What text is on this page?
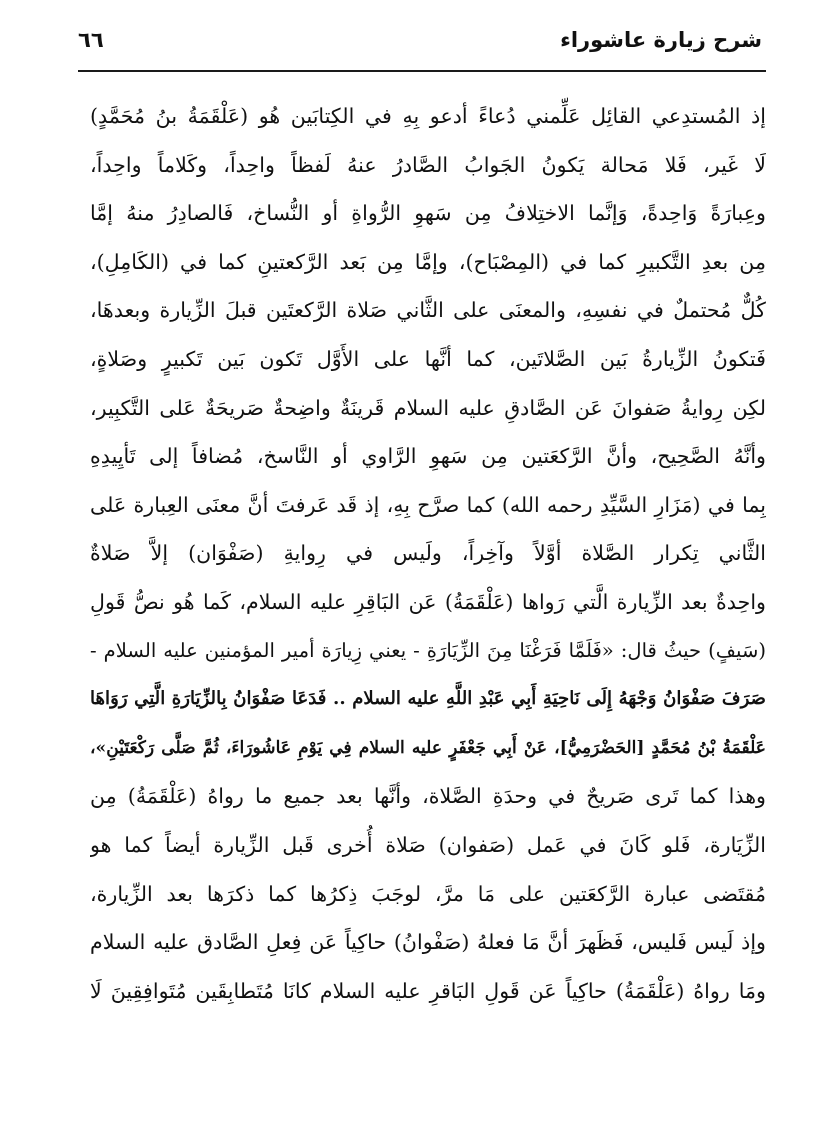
شرح زيارة عاشوراء
٦٦
إذ المُستدِعي القائِل عَلِّمني دُعاءً أدعو بِهِ في الكِتابَين هُو (عَلْقَمَةُ بنُ مُحَمَّدٍ)
لَا غَير، فَلا مَحالة يَكونُ الجَوابُ الصَّادرُ عنهُ لَفظاً واحِداً، وكَلاماً واحِداً،
وعِبارَةً وَاحِدةً، وَإنَّما الاختِلافُ مِن سَهوِ الرُّواةِ أو النُّساخ، فَالصادِرُ منهُ إمَّا
مِن بعدِ التَّكبيرِ كما في (المِصْبَاح)، وإمَّا مِن بَعد الرَّكعتينِ كما في (الكَامِلِ)،
كُلٌّ مُحتملٌ في نفسِهِ، والمعنَى على الثَّاني صَلاة الرَّكعتَين قبلَ الزِّيارة وبعدهَا،
فَتكونُ الزِّيارةُ بَين الصَّلاتَين، كما أنَّها على الأَوَّل تَكون بَين تَكبيرٍ وصَلاةٍ،
لكِن رِوايةُ صَفوانَ عَن الصَّادقِ عليه السلام قَرينَةٌ واضِحةٌ صَريحَةٌ عَلى التَّكبِير،
وأنَّهُ الصَّحِيح، وأنَّ الرَّكعَتين مِن سَهوِ الرَّاوي أو النَّاسخ، مُضافاً إلى تَأيِيدِهِ
بِما في (مَزَارِ السَّيِّدِ رحمه الله) كما صرَّح بِهِ، إذ قَد عَرفتَ أنَّ معنَى العِبارة عَلى
الثَّاني تِكرار الصَّلاة أوَّلاً وآخِراً، ولَيس في رِوايةِ (صَفْوَان) إلاَّ صَلاةٌ
واحِدةٌ بعد الزِّيارة الَّتي رَواها (عَلْقَمَةُ) عَن البَاقِرِ عليه السلام، كَما هُو نصُّ قَولِ
(سَيفٍ) حيثُ قال: «فَلَمَّا فَرَغْنَا مِنَ الزِّيَارَةِ - يعني زِيارَة أمير المؤمنين عليه السلام -
صَرَفَ صَفْوَانُ وَجْهَهُ إِلَى نَاحِيَةِ أَبِي عَبْدِ اللَّهِ عليه السلام .. فَدَعَا صَفْوَانُ بِالزِّيَارَةِ الَّتِي رَوَاهَا
عَلْقَمَةُ بْنُ مُحَمَّدٍ [الحَضْرَمِيُّ]، عَنْ أَبِي جَعْفَرٍ عليه السلام فِي يَوْمِ عَاشُورَاءَ، ثُمَّ صَلَّى رَكْعَتَيْنِ»،
وهذا كما تَرى صَريحٌ في وحدَةِ الصَّلاة، وأنَّها بعد جميع ما رواهُ (عَلْقَمَةُ) مِن
الزِّيَارة، فَلو كَانَ في عَمل (صَفوان) صَلاة أُخرى قَبل الزِّيارة أيضاً كما هو
مُقتَضى عبارة الرَّكعَتين على مَا مرَّ، لوجَبَ ذِكرُها كما ذكرَها بعد الزِّيارة،
وإذ لَيس فَليس، فَظَهرَ أنَّ مَا فعلهُ (صَفْوانُ) حاكِياً عَن فِعلِ الصَّادق عليه السلام
ومَا رواهُ (عَلْقَمَةُ) حاكِياً عَن قَولِ البَاقرِ عليه السلام كانَا مُتَطابِقَين مُتَوافِقِينَ لَا
